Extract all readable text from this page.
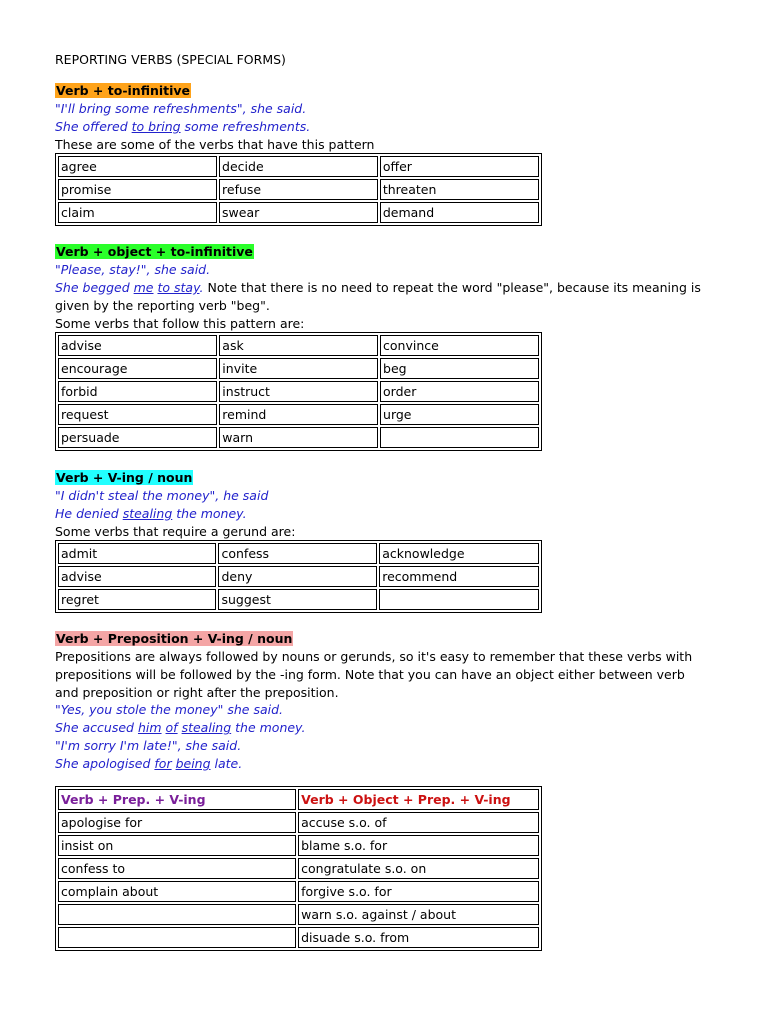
REPORTING VERBS (SPECIAL FORMS)
Verb + to-infinitive
"I'll bring some refreshments", she said.
She offered to bring some refreshments.
These are some of the verbs that have this pattern
agree	decide	offer
promise	refuse	threaten
claim	swear	demand
Verb + object + to-infinitive
"Please, stay!", she said.
She begged me to stay. Note that there is no need to repeat the word "please", because its meaning is given by the reporting verb "beg".
Some verbs that follow this pattern are:
advise	ask	convince
encourage	invite	beg
forbid	instruct	order
request	remind	urge
persuade	warn	
Verb + V-ing / noun
"I didn't steal the money", he said
He denied stealing the money.
Some verbs that require a gerund are:
admit	confess	acknowledge
advise	deny	recommend
regret	suggest	
Verb + Preposition + V-ing / noun
Prepositions are always followed by nouns or gerunds, so it's easy to remember that these verbs with prepositions will be followed by the -ing form. Note that you can have an object either between verb and preposition or right after the preposition.
"Yes, you stole the money" she said.
She accused him of stealing the money.
"I'm sorry I'm late!", she said.
She apologised for being late.
Verb + Prep. + V-ing	Verb + Object + Prep. + V-ing
apologise for	accuse s.o. of
insist on	blame s.o. for
confess to	congratulate s.o. on
complain about	forgive s.o. for
	warn s.o. against / about
	disuade s.o. from
